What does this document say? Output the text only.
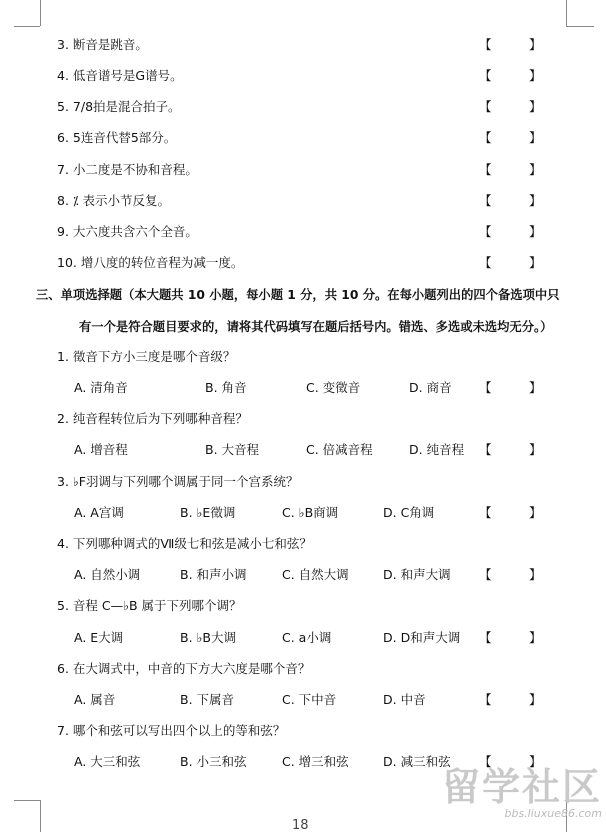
3. 断音是跳音。	【　　　】
4. 低音谱号是G谱号。	【　　　】
5. 7/8拍是混合拍子。	【　　　】
6. 5连音代替5部分。	【　　　】
7. 小二度是不协和音程。	【　　　】
8. ⁒ 表示小节反复。	【　　　】
9. 大六度共含六个全音。	【　　　】
10. 增八度的转位音程为减一度。	【　　　】
三、单项选择题（本大题共 10 小题，每小题 1 分，共 10 分。在每小题列出的四个备选项中只
有一个是符合题目要求的，请将其代码填写在题后括号内。错选、多选或未选均无分。）
1. 徵音下方小三度是哪个音级？
A. 清角音	B. 角音	C. 变徵音	D. 商音 【　　　】
2. 纯音程转位后为下列哪种音程？
A. 增音程	B. 大音程	C. 倍减音程	D. 纯音程 【　　　】
3. ♭F羽调与下列哪个调属于同一个宫系统？
A. A宫调	B. ♭E徵调	C. ♭B商调	D. C角调	【　　　】
4. 下列哪种调式的Ⅶ级七和弦是减小七和弦？
A. 自然小调	B. 和声小调	C. 自然大调	D. 和声大调 【　　　】
5. 音程 C—♭B 属于下列哪个调？
A. E大调	B. ♭B大调	C. a小调	D. D和声大调 【　　　】
6. 在大调式中，中音的下方大六度是哪个音？
A. 属音	B. 下属音	C. 下中音	D. 中音	【　　　】
7. 哪个和弦可以写出四个以上的等和弦？
A. 大三和弦	B. 小三和弦	C. 增三和弦	D. 减三和弦 【　　　】
留学社区
bbs.liuxue86.com
18
